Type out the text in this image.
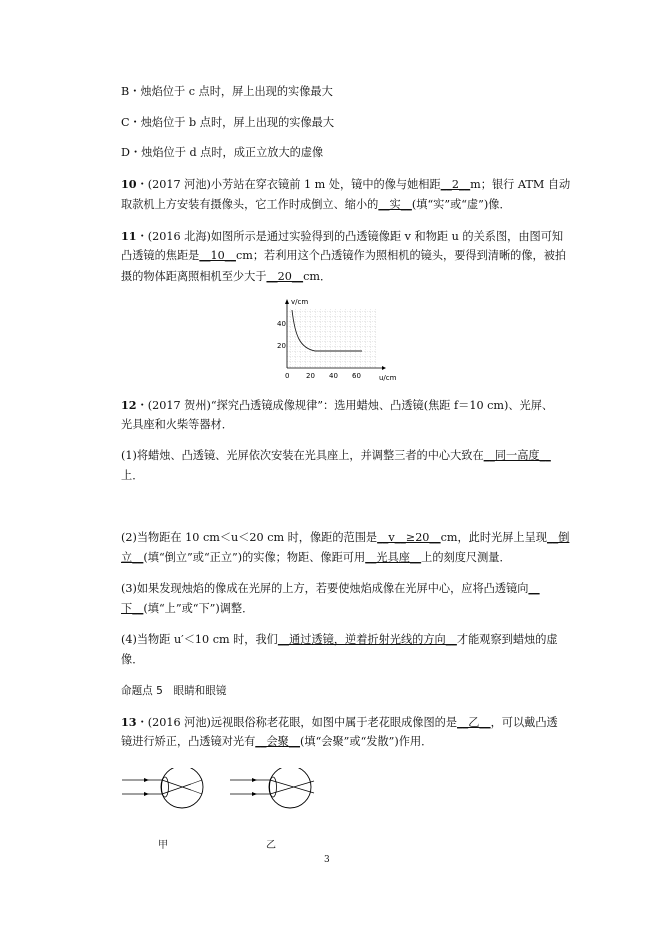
B・烛焰位于 c 点时，屏上出现的实像最大
C・烛焰位于 b 点时，屏上出现的实像最大
D・烛焰位于 d 点时，成正立放大的虚像
10・(2017 河池)小芳站在穿衣镜前 1 m 处，镜中的像与她相距__2__m；银行 ATM 自动
取款机上方安装有摄像头，它工作时成倒立、缩小的__实__(填“实”或“虚”)像．
11・(2016 北海)如图所示是通过实验得到的凸透镜像距 v 和物距 u 的关系图，由图可知
凸透镜的焦距是__10__cm；若利用这个凸透镜作为照相机的镜头，要得到清晰的像，被拍
摄的物体距离照相机至少大于__20__cm．
v/cm
u/cm
40
20
0 20 40 60
12・(2017 贺州)“探究凸透镜成像规律”：选用蜡烛、凸透镜(焦距 f＝10 cm)、光屏、
光具座和火柴等器材．
(1)将蜡烛、凸透镜、光屏依次安装在光具座上，并调整三者的中心大致在__同一高度__
上．
(2)当物距在 10 cm＜u＜20 cm 时，像距的范围是__v__≥20__cm，此时光屏上呈现__倒
立__(填“倒立”或“正立”)的实像；物距、像距可用__光具座__上的刻度尺测量．
(3)如果发现烛焰的像成在光屏的上方，若要使烛焰成像在光屏中心，应将凸透镜向__
下__(填“上”或“下”)调整．
(4)当物距 u′＜10 cm 时，我们__通过透镜，逆着折射光线的方向__才能观察到蜡烛的虚
像．
命题点 5　眼睛和眼镜
13・(2016 河池)远视眼俗称老花眼，如图中属于老花眼成像图的是__乙__，可以戴凸透
镜进行矫正，凸透镜对光有__会聚__(填“会聚”或“发散”)作用．
甲	乙
3
